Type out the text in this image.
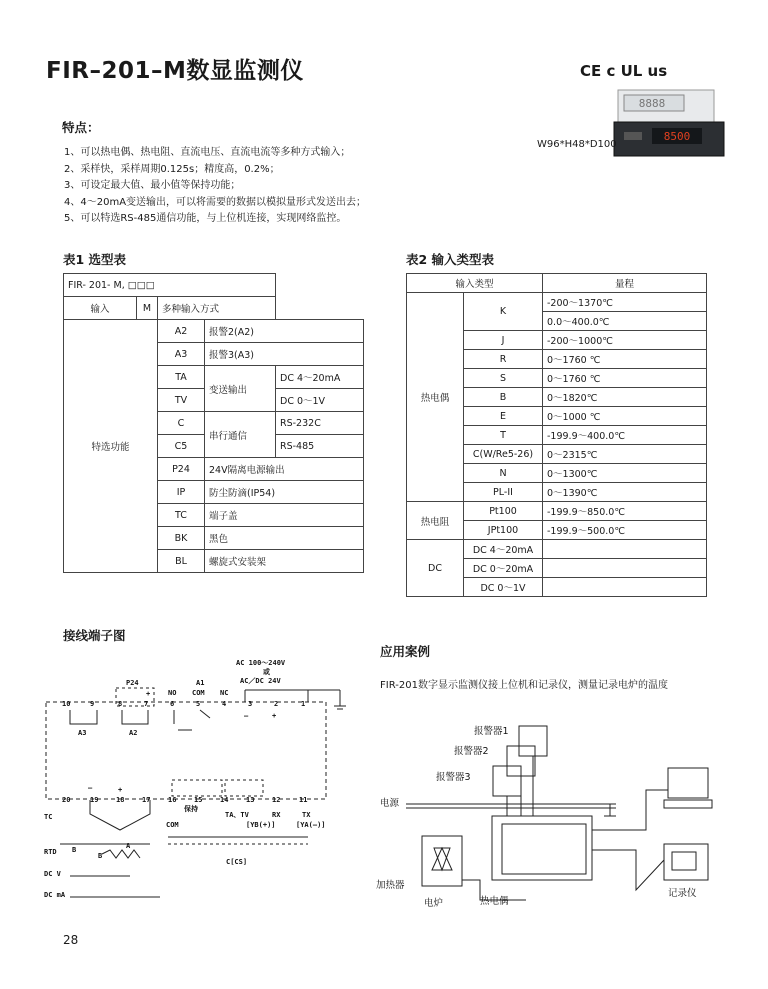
FIR–201–M数显监测仪	CE c UL us
8888
8500
W96*H48*D100
特点：
1、可以热电偶、热电阻、直流电压、直流电流等多种方式输入；
2、采样快，采样周期0.125s；精度高，0.2%；
3、可设定最大值、最小值等保持功能；
4、4～20mA变送输出，可以将需要的数据以模拟量形式发送出去；
5、可以特选RS-485通信功能，与上位机连接，实现网络监控。
表1 选型表
FIR- 201- M, □□□				
输入	M	多种输入方式		
特选功能		A2	报警2(A2)	
		A3	报警3(A3)	
		TA	变送输出	DC 4～20mA
		TV		DC 0～1V
		C	串行通信	RS-232C
		C5		RS-485
		P24	24V隔离电源输出	
		IP	防尘防滴(IP54)	
		TC	端子盖	
		BK	黑色	
		BL	螺旋式安装架	
表2 输入类型表
输入类型		量程
热电偶	K	-200～1370℃
		0.0～400.0℃
	J	-200～1000℃
	R	0～1760 ℃
	S	0～1760 ℃
	B	0～1820℃
	E	0～1000 ℃
	T	-199.9～400.0℃
	C(W/Re5-26)	0～2315℃
	N	0～1300℃
	PL-II	0～1390℃
热电阻	Pt100	-199.9～850.0℃
	JPt100	-199.9～500.0℃
DC	DC 4～20mA	
	DC 0～20mA	
	DC 0～1V	
接线端子图
AC 100～240V
或
AC／DC 24V
P24	A1
NO COM NC
A3	A2
10	9	8	7	6	5	4	3	2	1
20	19	18	17	16	15	14	13	12	11
保持
TA、TV	RX	TX
[YB(+)]	[YA(—)]
TC
COM
RTD B
B
A
C[CS]
DC V
DC mA
+
+
—
+
—
应用案例
FIR-201数字显示监测仪接上位机和记录仪，测量记录电炉的温度
报警器1
报警器2
报警器3
电源
加热器
电炉	热电偶
记录仪
28
